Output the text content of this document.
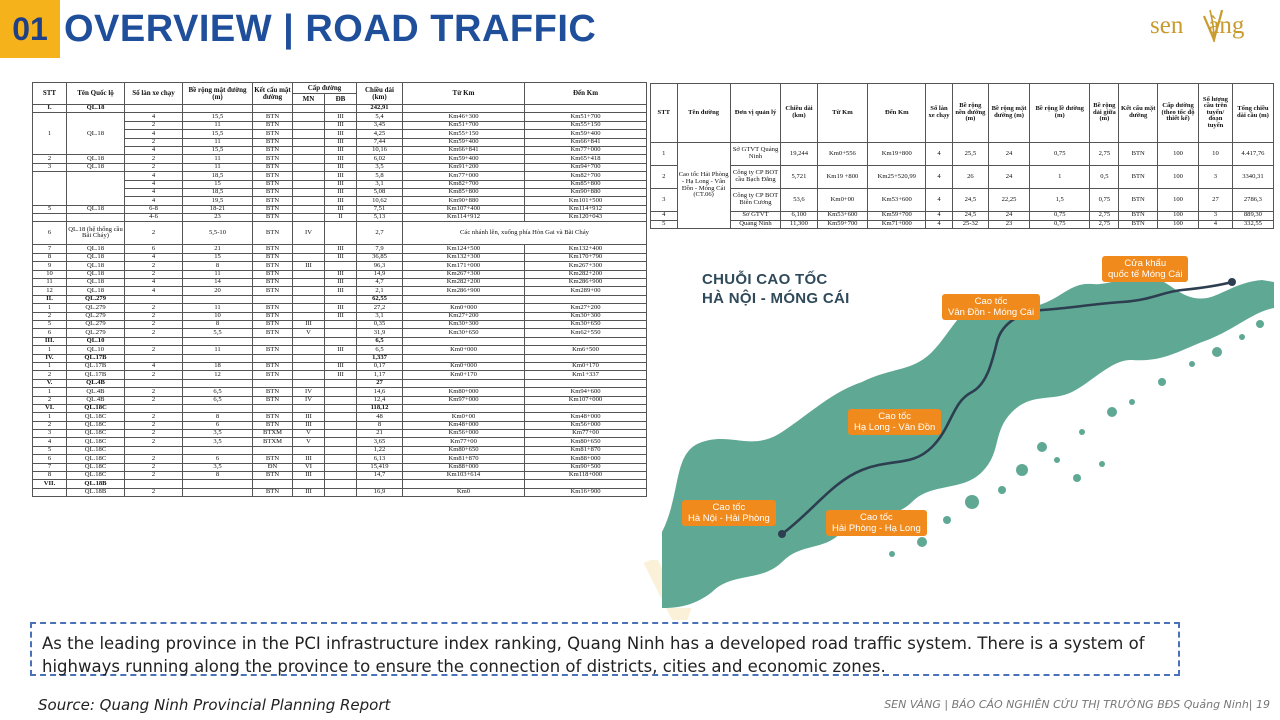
01 OVERVIEW | ROAD TRAFFIC	sen    àng
STT	Tên Quốc lộ	Số làn xe chạy	Bề rộng mặt đường (m)	Kết cấu mặt đường	Cấp đường		Chiều dài (km)	Từ Km	Đến Km
					MN	ĐB			
I.	QL.18						242,91		
1	QL.18	4	15,5	BTN		III	5,4	Km46+300	Km51+700
		2	11	BTN		III	3,45	Km51+700	Km55+150
		4	15,5	BTN		III	4,25	Km55+150	Km59+400
		2	11	BTN		III	7,44	Km59+400	Km66+841
		4	15,5	BTN		III	10,16	Km66+841	Km77+000
2	QL.18	2	11	BTN		III	6,02	Km59+400	Km65+418
3	QL.18	2	11	BTN		III	3,5	Km91+200	Km94+700
		4	18,5	BTN		III	5,8	Km77+000	Km82+700
		4	15	BTN		III	3,1	Km82+700	Km85+800
		4	18,5	BTN		III	5,08	Km85+800	Km90+880
		4	19,5	BTN		III	10,62	Km90+880	Km101+500
5	QL.18	6-8	18-21	BTN		III	7,51	Km107+400	Km114+912
		4-6	23	BTN		II	5,13	Km114+912	Km120+043
6	QL.18 (hệ thống cầu Bãi Cháy)	2	5,5-10	BTN	IV		2,7	Các nhánh lên, xuống phía Hòn Gai và Bãi Cháy	
7	QL.18	6	21	BTN		III	7,9	Km124+500	Km132+400
8	QL.18	4	15	BTN		III	36,85	Km132+300	Km170+790
9	QL.18	2	8	BTN	III		96,3	Km171+000	Km267+300
10	QL.18	2	11	BTN		III	14,9	Km267+300	Km282+200
11	QL.18	4	14	BTN		III	4,7	Km282+200	Km286+900
12	QL.18	4	20	BTN		III	2,1	Km286+900	Km289+00
II.	QL.279						62,55		
1	QL.279	2	11	BTN		III	27,2	Km0+000	Km27+200
2	QL.279	2	10	BTN		III	3,1	Km27+200	Km30+300
5	QL.279	2	8	BTN	III		0,35	Km30+300	Km30+650
6	QL.279	2	5,5	BTN	V		31,9	Km30+650	Km62+550
III.	QL.10						6,5		
1	QL.10	2	11	BTN		III	6,5	Km0+000	Km6+500
IV.	QL.17B						1,337		
1	QL.17B	4	18	BTN		III	0,17	Km0+000	Km0+170
2	QL.17B	2	12	BTN		III	1,17	Km0+170	Km1+337
V.	QL.4B						27		
1	QL.4B	2	6,5	BTN	IV		14,6	Km80+000	Km94+600
2	QL.4B	2	6,5	BTN	IV		12,4	Km97+000	Km107+000
VI.	QL.18C						118,12		
1	QL.18C	2	8	BTN	III		48	Km0+00	Km48+000
2	QL.18C	2	6	BTN	III		8	Km48+000	Km56+000
3	QL.18C	2	3,5	BTXM	V		21	Km56+000	Km77+00
4	QL.18C	2	3,5	BTXM	V		3,65	Km77+00	Km80+650
5	QL.18C						1,22	Km80+650	Km81+870
6	QL.18C	2	6	BTN	III		6,13	Km81+870	Km88+000
7	QL.18C	2	3,5	ĐN	VI		15,419	Km88+000	Km90+500
8	QL.18C	2	8	BTN	III		14,7	Km103+614	Km118+000
VII.	QL.18B								
	QL.18B	2		BTN	III		16,9	Km0	Km16+900
STT	Tên đường	Đơn vị quản lý	Chiều dài (km)	Từ Km	Đến Km	Số làn xe chạy	Bề rộng nền đường (m)	Bề rộng mặt đường (m)	Bề rộng lề đường (m)	Bề rộng dải giữa (m)	Kết cấu mặt đường	Cấp đường (theo tốc độ thiết kế)	Số lượng cầu trên tuyến/ đoạn tuyến	Tổng chiều dài cầu (m)
1	Cao tốc Hải Phòng - Hạ Long - Vân Đồn - Móng Cái (CT.06)	Sở GTVT Quảng Ninh	19,244	Km0+556	Km19+800	4	25,5	24	0,75	2,75	BTN	100	10	4.417,76
2		Công ty CP BOT cầu Bạch Đằng	5,721	Km19 +800	Km25+520,99	4	26	24	1	0,5	BTN	100	3	3340,31
3		Công ty CP BOT Biên Cương	53,6	Km0+00	Km53+600	4	24,5	22,25	1,5	0,75	BTN	100	27	2786,3
4		Sở GTVT	6,100	Km53+600	Km59+700	4	24,5	24	0,75	2,75	BTN	100	3	889,30
5		Quảng Ninh	11,300	Km59+700	Km71+000	4	25-32	23	0,75	2,75	BTN	100	4	332,55
CHUỖI CAO TỐC
HÀ NỘI - MÓNG CÁI
Cửa khẩu
quốc tế Móng Cái
Cao tốc
Vân Đồn - Móng Cái
Cao tốc
Hạ Long - Vân Đồn
Cao tốc
Hà Nội - Hải Phòng	Cao tốc
Hải Phòng - Hạ Long
As the leading province in the PCI infrastructure index ranking, Quang Ninh has a developed road traffic system. There is a system of highways running along the province to ensure the connection of districts, cities and economic zones.
Source: Quang Ninh Provincial Planning Report	SEN VÀNG | BÁO CÁO NGHIÊN CỨU THỊ TRƯỜNG BĐS Quảng Ninh| 19
